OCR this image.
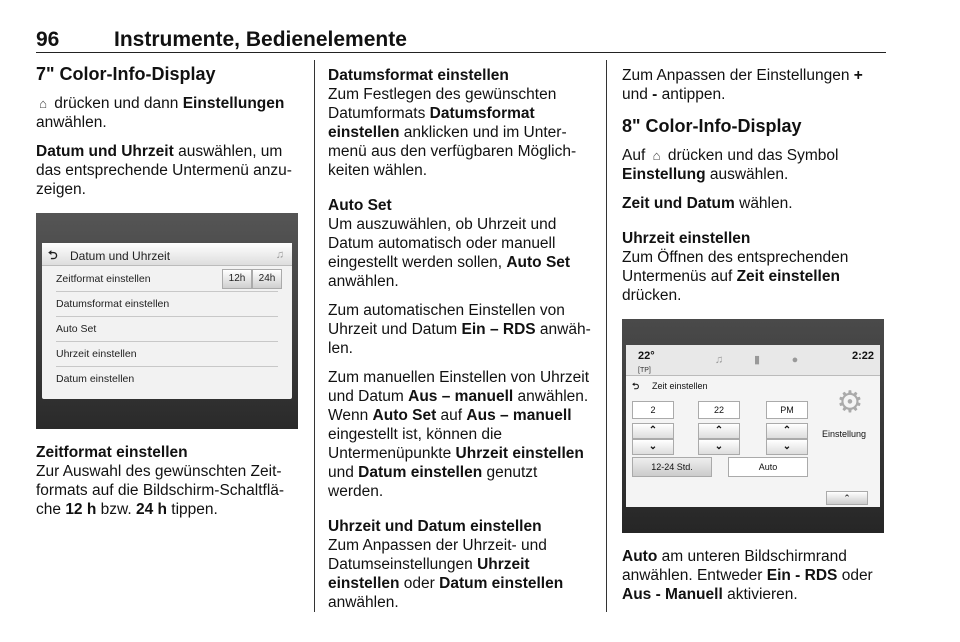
96	Instrumente, Bedienelemente
7" Color-Info-Display

⌂ drücken und dann Einstellungen anwählen.

Datum und Uhrzeit auswählen, um das entsprechende Untermenü anzu-zeigen.

⮌ Datum und Uhrzeit	♫
Zeitformat einstellen	12h	24h
Datumsformat einstellen
Auto Set
Uhrzeit einstellen
Datum einstellen

Zeitformat einstellen

Zur Auswahl des gewünschten Zeit-formats auf die Bildschirm-Schaltflä-che 12 h bzw. 24 h tippen.

Datumsformat einstellen

Zum Festlegen des gewünschten Datumformats Datumsformat einstellen anklicken und im Unter-menü aus den verfügbaren Möglich-keiten wählen.

Auto Set

Um auszuwählen, ob Uhrzeit und Datum automatisch oder manuell eingestellt werden sollen, Auto Set anwählen.

Zum automatischen Einstellen von Uhrzeit und Datum Ein – RDS anwäh-len.

Zum manuellen Einstellen von Uhrzeit und Datum Aus – manuell anwählen. Wenn Auto Set auf Aus – manuell eingestellt ist, können die Untermenüpunkte Uhrzeit einstellen und Datum einstellen genutzt werden.

Uhrzeit und Datum einstellen

Zum Anpassen der Uhrzeit- und Datumseinstellungen Uhrzeit einstellen oder Datum einstellen anwählen.

Zum Anpassen der Einstellungen + und - antippen.

8" Color-Info-Display

Auf ⌂ drücken und das Symbol Einstellung auswählen.

Zeit und Datum wählen.

Uhrzeit einstellen

Zum Öffnen des entsprechenden Untermenüs auf Zeit einstellen drücken.

22°
[TP]
♫	▮	●	2:22
⮌ Zeit einstellen
2	22	PM
⌃
⌄
⌃
⌄
⌃
⌄
12-24 Std.	Auto
⚙
Einstellung
⌃

Auto am unteren Bildschirmrand anwählen. Entweder Ein - RDS oder Aus - Manuell aktivieren.
